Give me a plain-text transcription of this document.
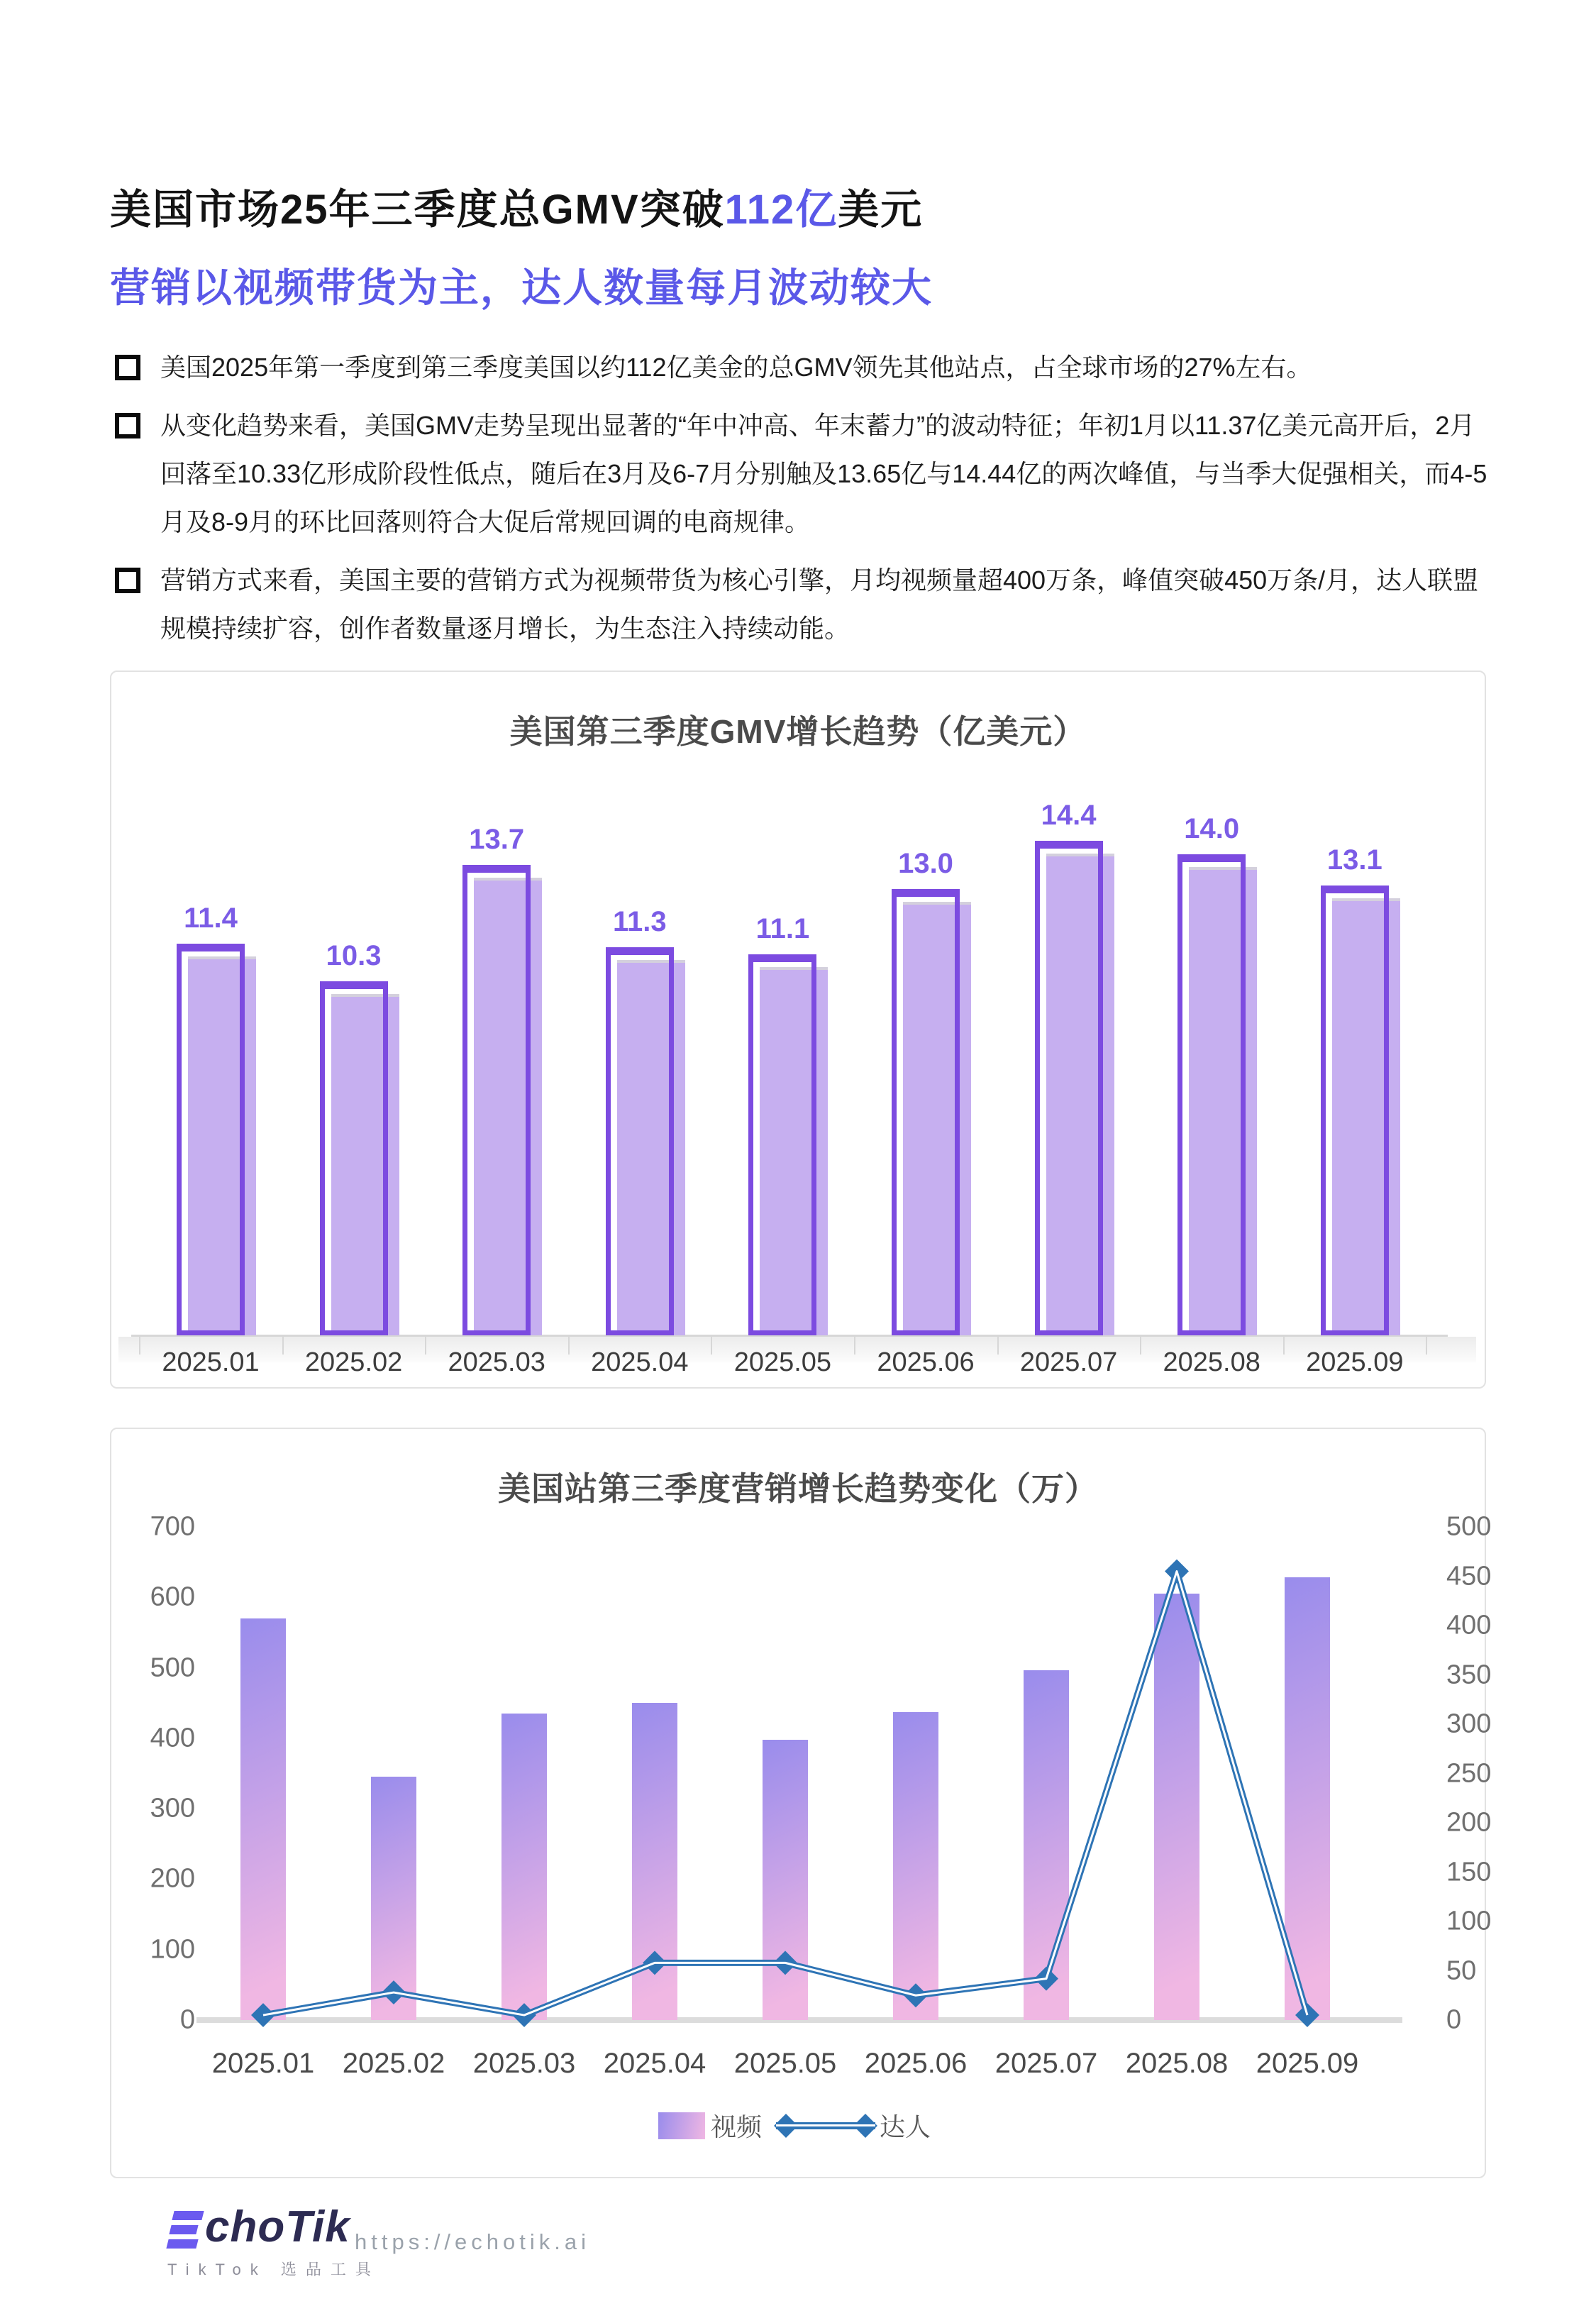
美国市场25年三季度总GMV突破112亿美元
营销以视频带货为主，达人数量每月波动较大
美国2025年第一季度到第三季度美国以约112亿美金的总GMV领先其他站点，占全球市场的27%左右。
从变化趋势来看，美国GMV走势呈现出显著的“年中冲高、年末蓄力”的波动特征；年初1月以11.37亿美元高开后，2月回落至10.33亿形成阶段性低点，随后在3月及6-7月分别触及13.65亿与14.44亿的两次峰值，与当季大促强相关，而4-5月及8-9月的环比回落则符合大促后常规回调的电商规律。
营销方式来看，美国主要的营销方式为视频带货为核心引擎，月均视频量超400万条，峰值突破450万条/月，达人联盟规模持续扩容，创作者数量逐月增长，为生态注入持续动能。
美国第三季度GMV增长趋势（亿美元）
11.4
10.3
13.7
11.3	11.1
13.0
14.4	14.0
13.1
2025.01 2025.02 2025.03 2025.04 2025.05 2025.06 2025.07 2025.08 2025.09
美国站第三季度营销增长趋势变化（万）
700
600
500
400
300
200
100
0
500
450
400
350
300
250
200
150
100
50
0
2025.01 2025.02 2025.03 2025.04 2025.05 2025.06 2025.07 2025.08 2025.09
视频	达人
choTik
TikTok 选品工具
https://echotik.ai
